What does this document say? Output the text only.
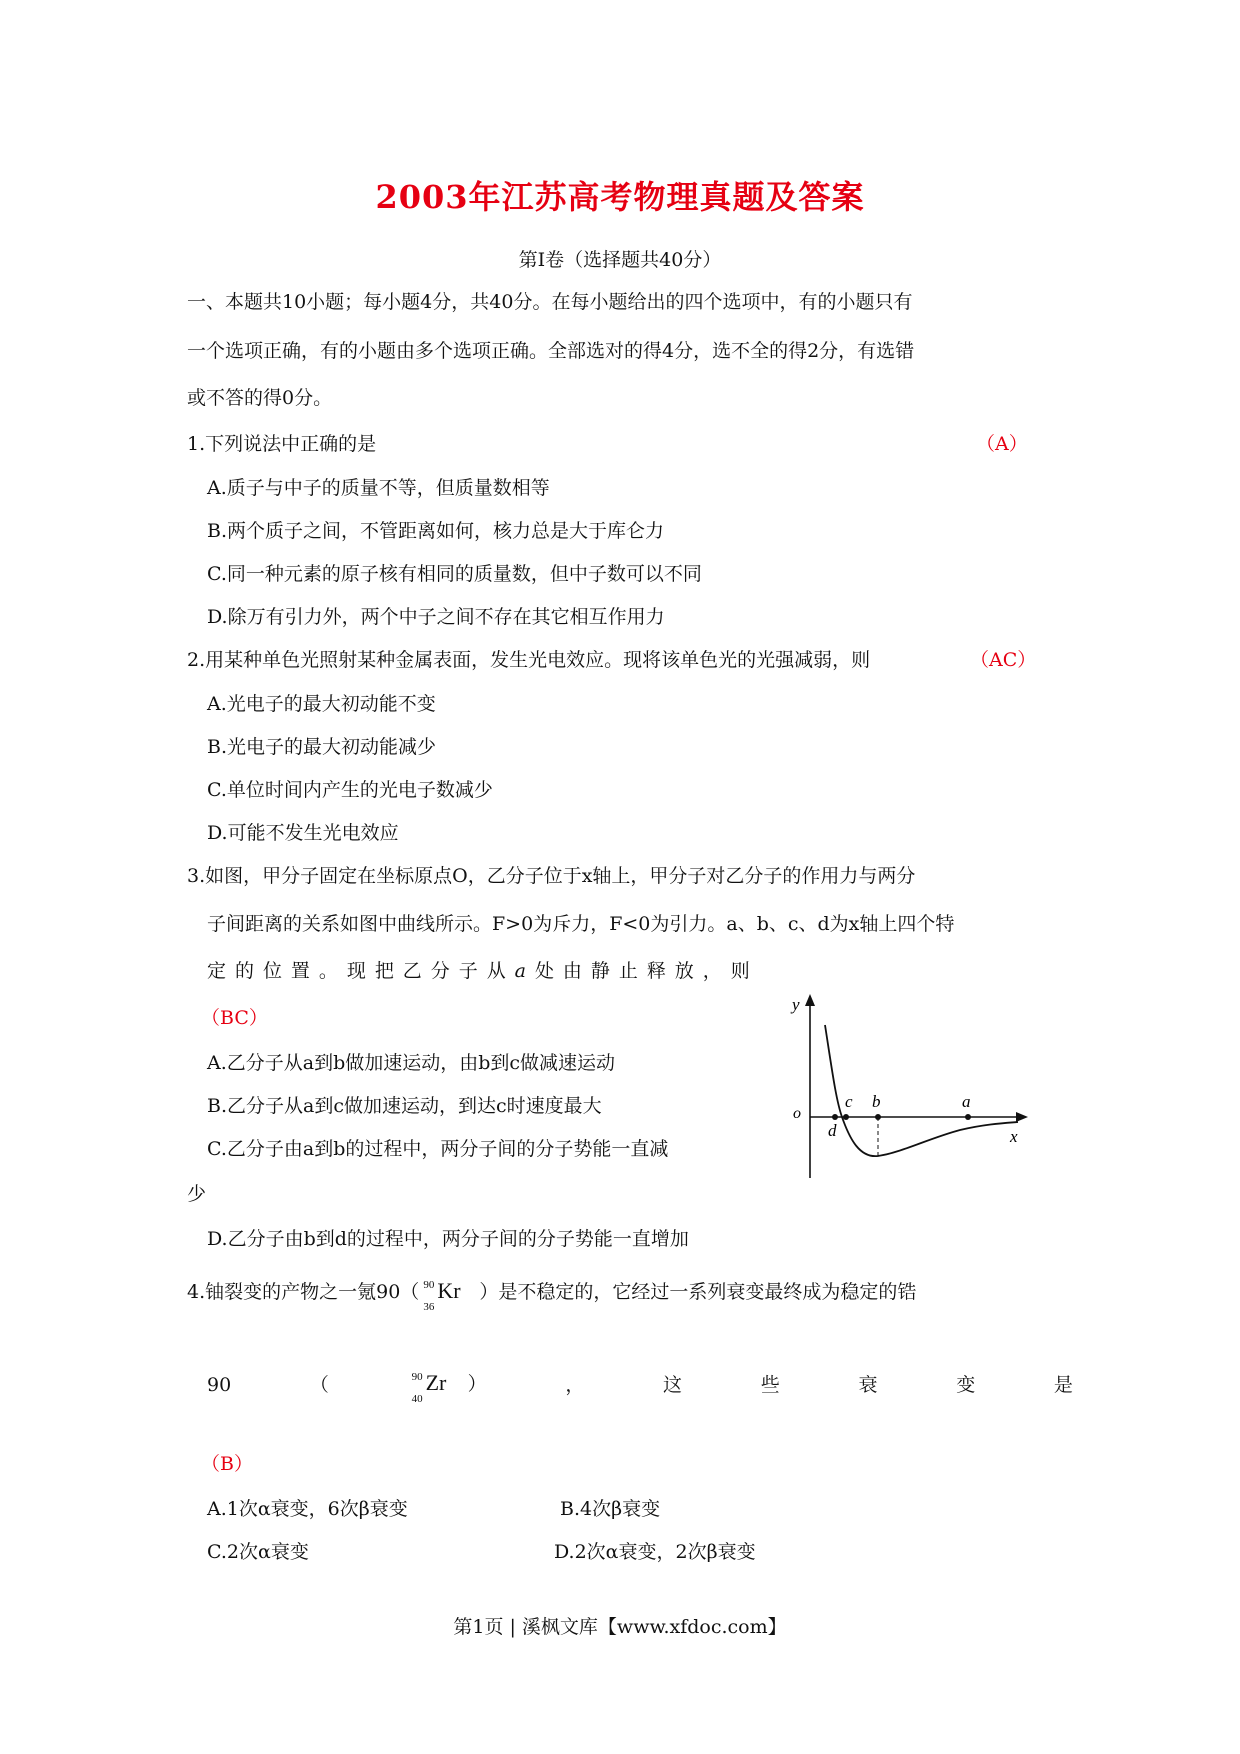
2003年江苏高考物理真题及答案
第Ⅰ卷（选择题共40分）
一、本题共10小题；每小题4分，共40分。在每小题给出的四个选项中，有的小题只有
一个选项正确，有的小题由多个选项正确。全部选对的得4分，选不全的得2分，有选错
或不答的得0分。
1.下列说法中正确的是	（A）
A.质子与中子的质量不等，但质量数相等
B.两个质子之间，不管距离如何，核力总是大于库仑力
C.同一种元素的原子核有相同的质量数，但中子数可以不同
D.除万有引力外，两个中子之间不存在其它相互作用力
2.用某种单色光照射某种金属表面，发生光电效应。现将该单色光的光强减弱，则	（AC）
A.光电子的最大初动能不变
B.光电子的最大初动能减少
C.单位时间内产生的光电子数减少
D.可能不发生光电效应
3.如图，甲分子固定在坐标原点O，乙分子位于x轴上，甲分子对乙分子的作用力与两分
子间距离的关系如图中曲线所示。F>0为斥力，F<0为引力。a、b、c、d为x轴上四个特
定 的 位 置 。 现 把 乙 分 子 从 a 处 由 静 止 释 放 ， 则
（BC）
A.乙分子从a到b做加速运动，由b到c做减速运动
B.乙分子从a到c做加速运动，到达c时速度最大
C.乙分子由a到b的过程中，两分子间的分子势能一直减
少
D.乙分子由b到d的过程中，两分子间的分子势能一直增加
y
x
o
a
b
c
d
4.铀裂变的产物之一氪90（ 90
36
Kr ）是不稳定的，它经过一系列衰变最终成为稳定的锆
90	（	90
40
Zr ）	，	这	些	衰	变	是
（B）
A.1次α衰变，6次β衰变	B.4次β衰变
C.2次α衰变	D.2次α衰变，2次β衰变
第1页 | 溪枫文库【www.xfdoc.com】
